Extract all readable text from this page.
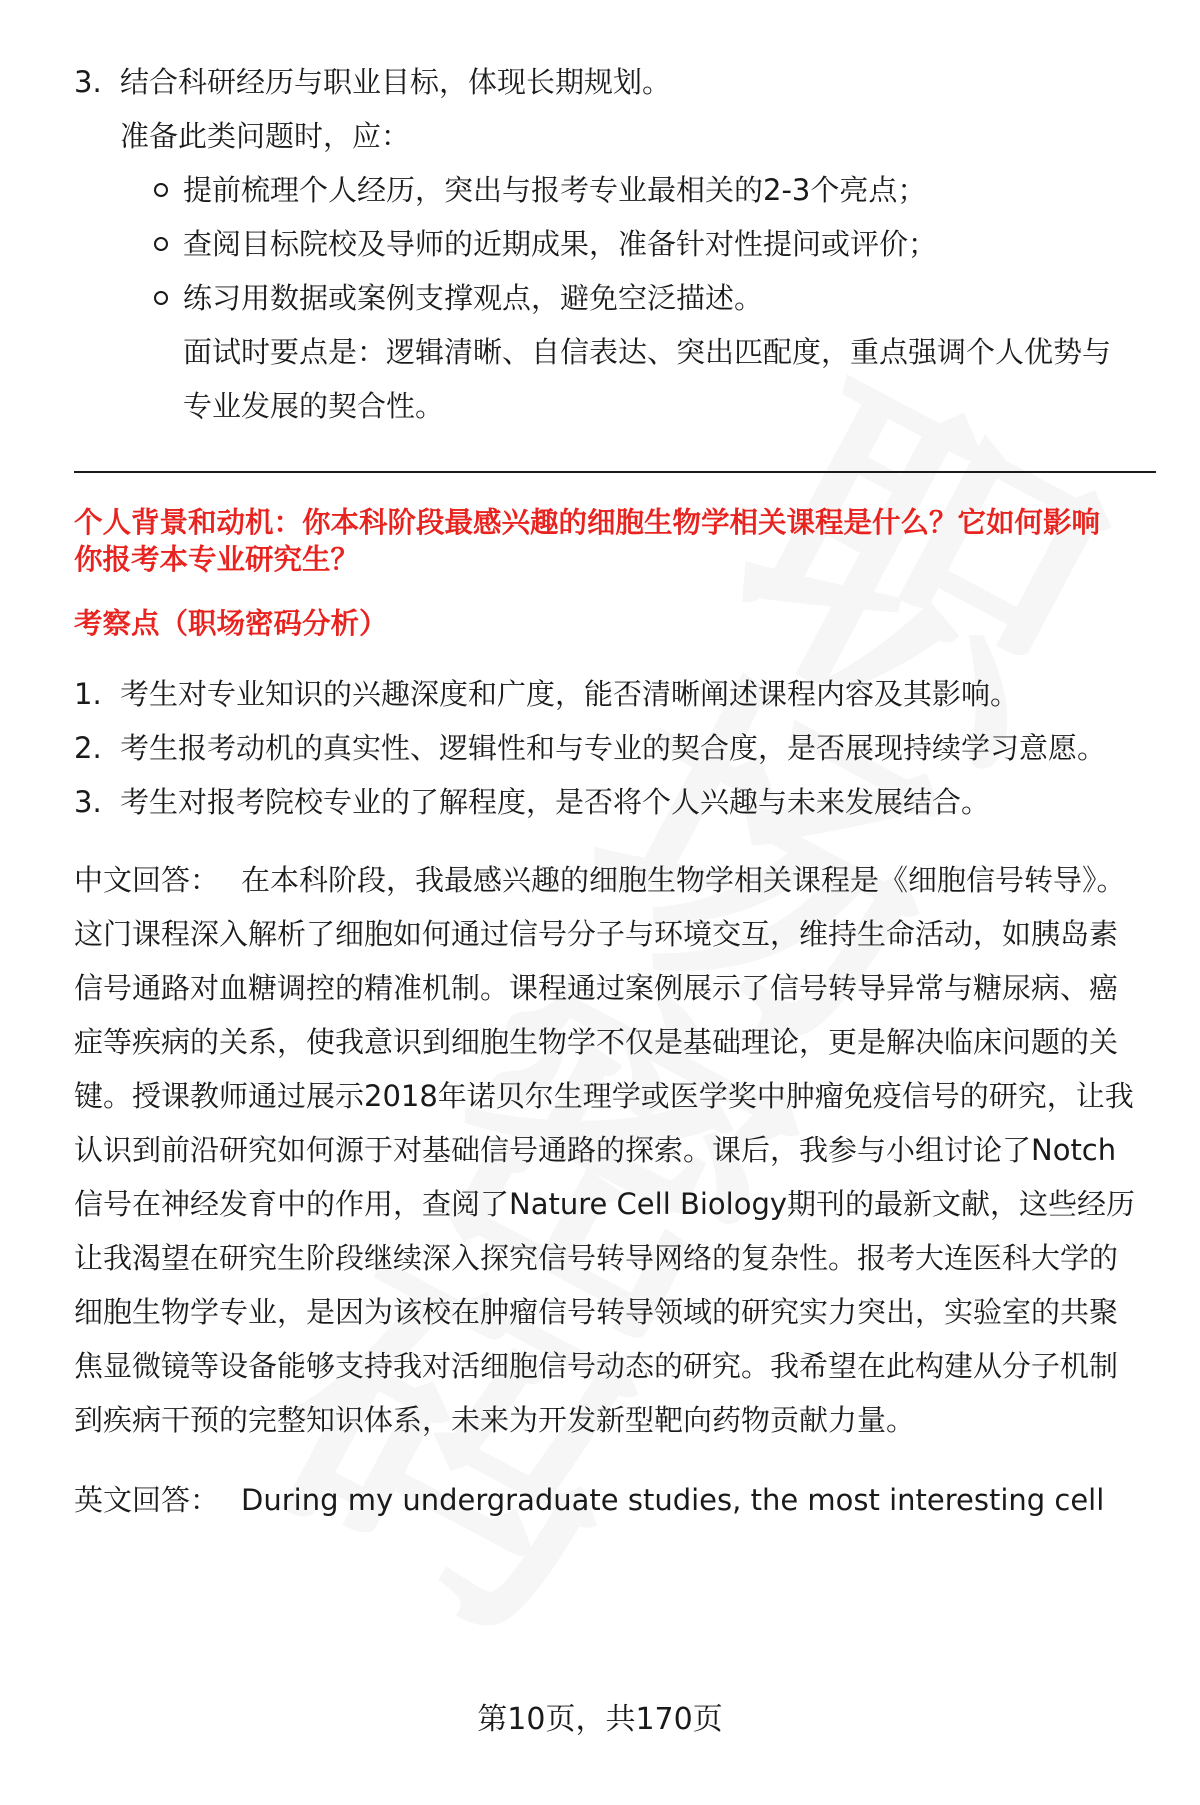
3. 结合科研经历与职业目标，体现长期规划。
准备此类问题时，应：
提前梳理个人经历，突出与报考专业最相关的2-3个亮点；
查阅目标院校及导师的近期成果，准备针对性提问或评价；
练习用数据或案例支撑观点，避免空泛描述。
面试时要点是：逻辑清晰、自信表达、突出匹配度，重点强调个人优势与
专业发展的契合性。
个人背景和动机：你本科阶段最感兴趣的细胞生物学相关课程是什么？它如何影响
你报考本专业研究生？
考察点（职场密码分析）
1. 考生对专业知识的兴趣深度和广度，能否清晰阐述课程内容及其影响。
2. 考生报考动机的真实性、逻辑性和与专业的契合度，是否展现持续学习意愿。
3. 考生对报考院校专业的了解程度，是否将个人兴趣与未来发展结合。
中文回答： 在本科阶段，我最感兴趣的细胞生物学相关课程是《细胞信号转导》。
这门课程深入解析了细胞如何通过信号分子与环境交互，维持生命活动，如胰岛素
信号通路对血糖调控的精准机制。课程通过案例展示了信号转导异常与糖尿病、癌
症等疾病的关系，使我意识到细胞生物学不仅是基础理论，更是解决临床问题的关
键。授课教师通过展示2018年诺贝尔生理学或医学奖中肿瘤免疫信号的研究，让我
认识到前沿研究如何源于对基础信号通路的探索。课后，我参与小组讨论了Notch
信号在神经发育中的作用，查阅了Nature Cell Biology期刊的最新文献，这些经历
让我渴望在研究生阶段继续深入探究信号转导网络的复杂性。报考大连医科大学的
细胞生物学专业，是因为该校在肿瘤信号转导领域的研究实力突出，实验室的共聚
焦显微镜等设备能够支持我对活细胞信号动态的研究。我希望在此构建从分子机制
到疾病干预的完整知识体系，未来为开发新型靶向药物贡献力量。
英文回答： During my undergraduate studies, the most interesting cell
第10页，共170页
